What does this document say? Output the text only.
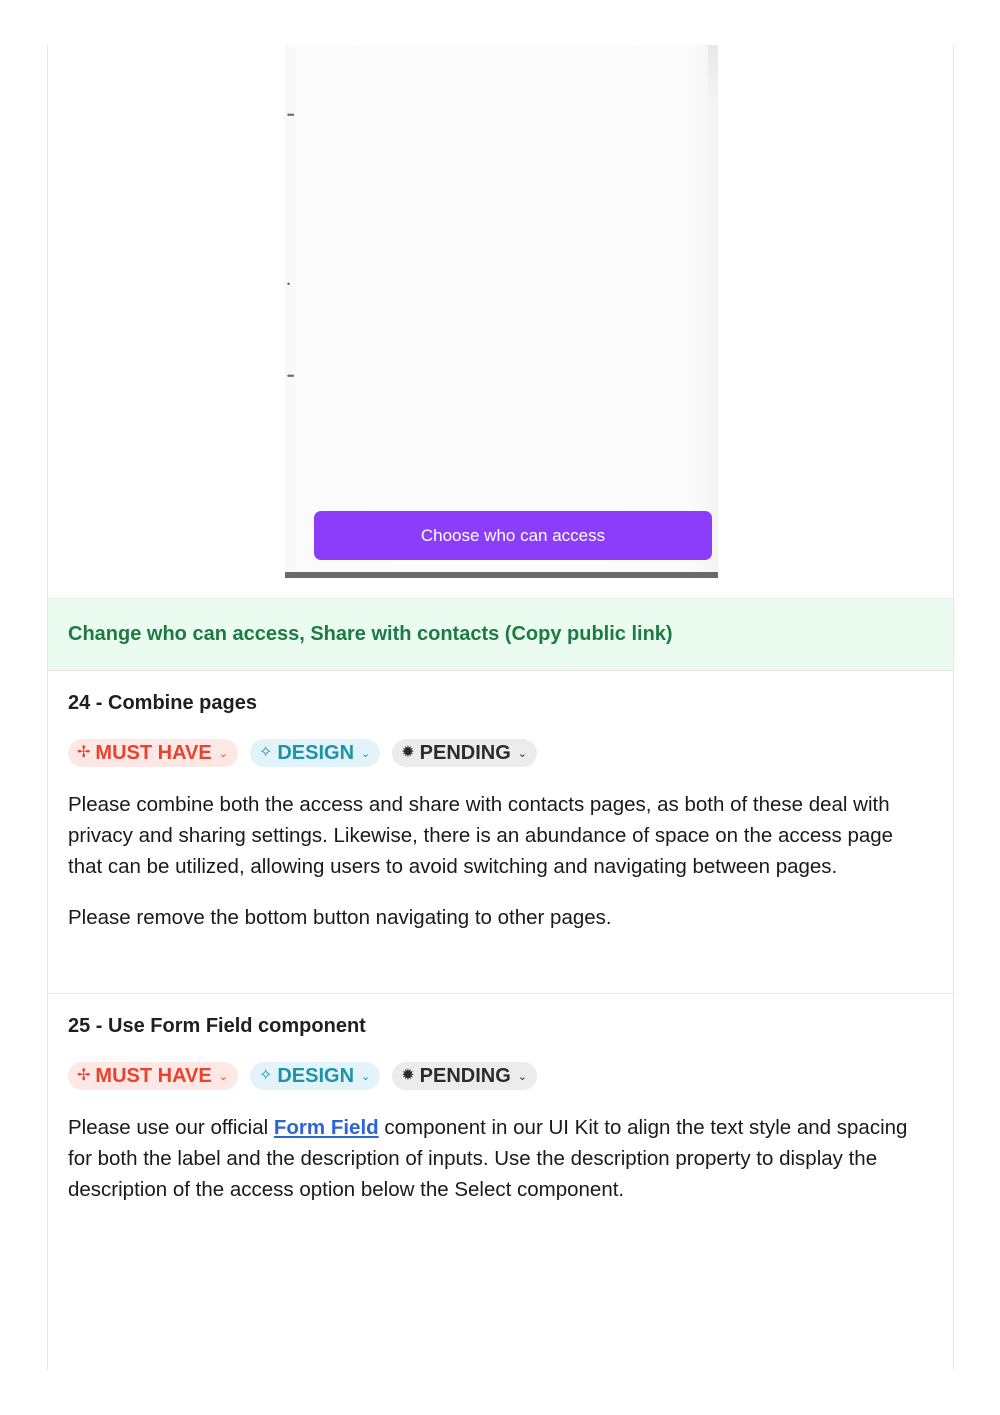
•••
•
•••
Choose who can access
Change who can access, Share with contacts (Copy public link)
24 - Combine pages
✢ MUST HAVE ⌄ ✧ DESIGN ⌄ ✹ PENDING ⌄

Please combine both the access and share with contacts pages, as both of these deal with privacy and sharing settings. Likewise, there is an abundance of space on the access page that can be utilized, allowing users to avoid switching and navigating between pages.

Please remove the bottom button navigating to other pages.

25 - Use Form Field component
✢ MUST HAVE ⌄ ✧ DESIGN ⌄ ✹ PENDING ⌄

Please use our official Form Field component in our UI Kit to align the text style and spacing for both the label and the description of inputs. Use the description property to display the description of the access option below the Select component.
